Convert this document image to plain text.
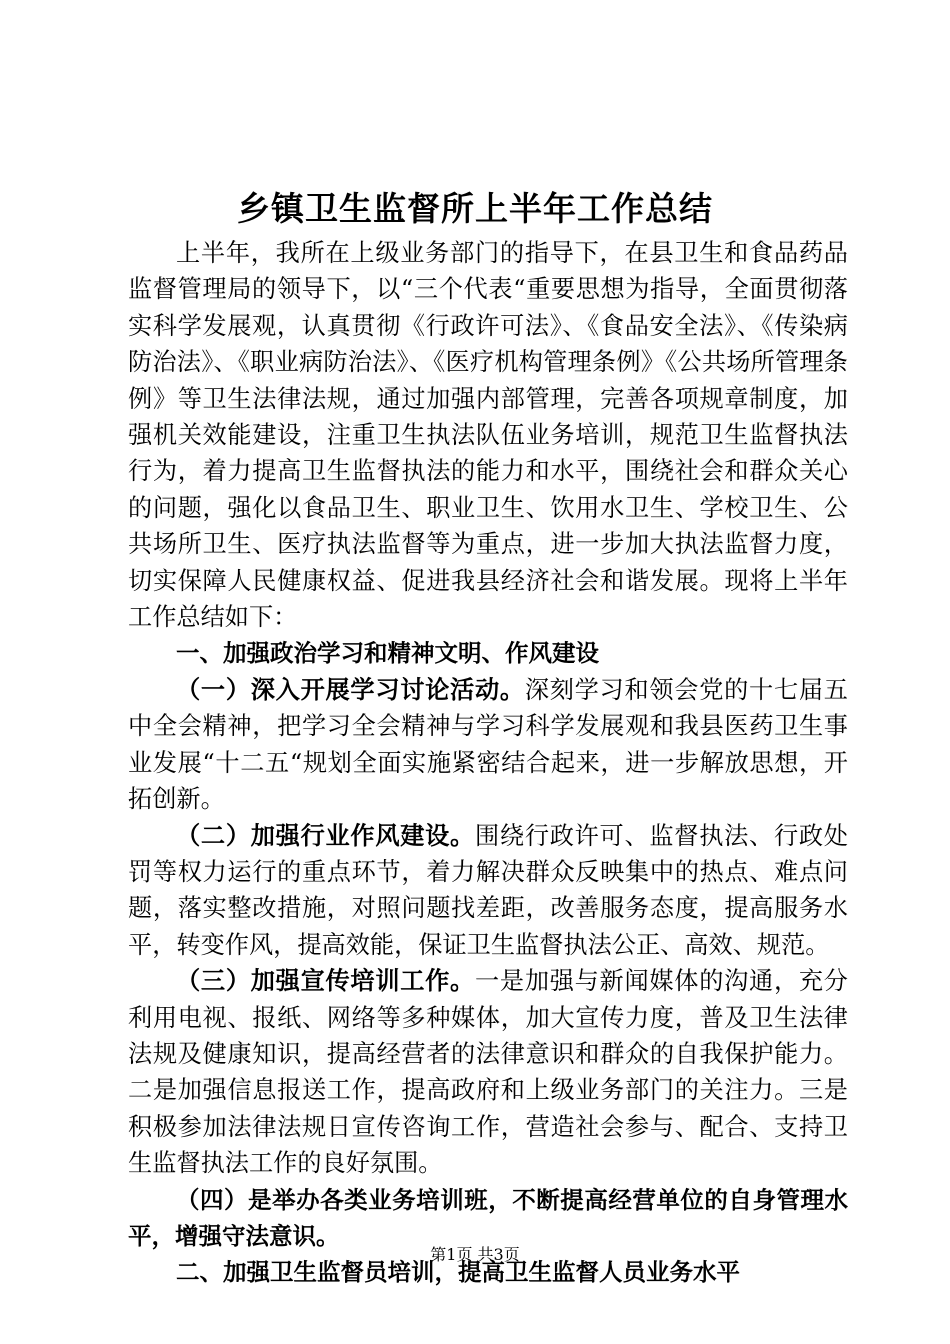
乡镇卫生监督所上半年工作总结

上半年，我所在上级业务部门的指导下，在县卫生和食品药品监督管理局的领导下，以“三个代表“重要思想为指导，全面贯彻落实科学发展观，认真贯彻《行政许可法》、《食品安全法》、《传染病防治法》、《职业病防治法》、《医疗机构管理条例》《公共场所管理条例》等卫生法律法规，通过加强内部管理，完善各项规章制度，加强机关效能建设，注重卫生执法队伍业务培训，规范卫生监督执法行为，着力提高卫生监督执法的能力和水平，围绕社会和群众关心的问题，强化以食品卫生、职业卫生、饮用水卫生、学校卫生、公共场所卫生、医疗执法监督等为重点，进一步加大执法监督力度，切实保障人民健康权益、促进我县经济社会和谐发展。现将上半年工作总结如下：

一、加强政治学习和精神文明、作风建设

（一）深入开展学习讨论活动。深刻学习和领会党的十七届五中全会精神，把学习全会精神与学习科学发展观和我县医药卫生事业发展“十二五“规划全面实施紧密结合起来，进一步解放思想，开拓创新。

（二）加强行业作风建设。围绕行政许可、监督执法、行政处罚等权力运行的重点环节，着力解决群众反映集中的热点、难点问题，落实整改措施，对照问题找差距，改善服务态度，提高服务水平，转变作风，提高效能，保证卫生监督执法公正、高效、规范。

（三）加强宣传培训工作。一是加强与新闻媒体的沟通，充分利用电视、报纸、网络等多种媒体，加大宣传力度，普及卫生法律法规及健康知识，提高经营者的法律意识和群众的自我保护能力。二是加强信息报送工作，提高政府和上级业务部门的关注力。三是积极参加法律法规日宣传咨询工作，营造社会参与、配合、支持卫生监督执法工作的良好氛围。

（四）是举办各类业务培训班，不断提高经营单位的自身管理水平，增强守法意识。

二、加强卫生监督员培训，提高卫生监督人员业务水平

第1页 共3页
